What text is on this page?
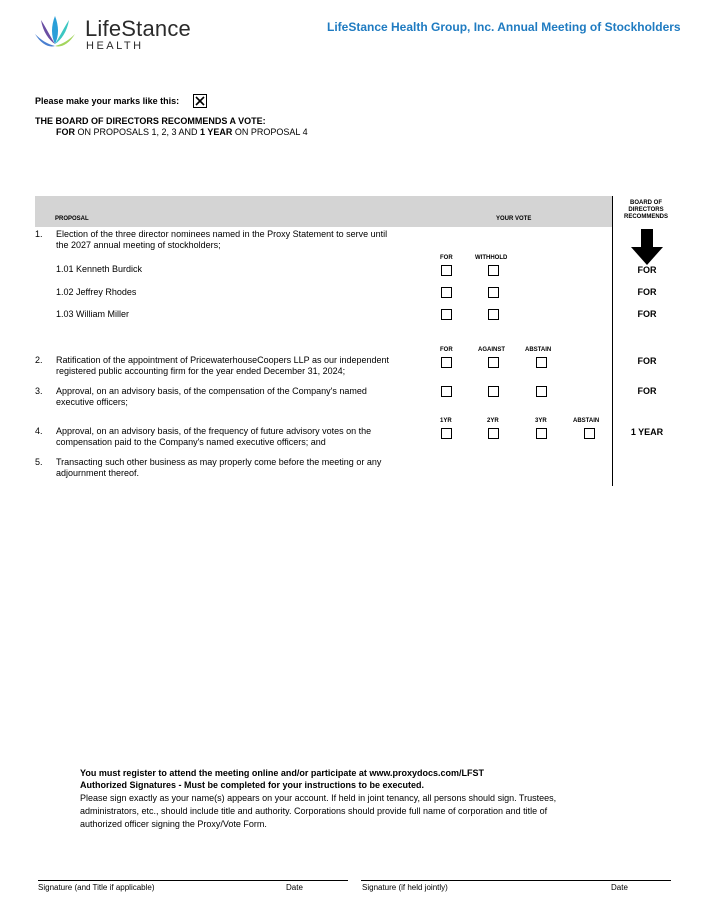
LifeStance
HEALTH
LifeStance Health Group, Inc. Annual Meeting of Stockholders
Please make your marks like this:
THE BOARD OF DIRECTORS RECOMMENDS A VOTE:
FOR ON PROPOSALS 1, 2, 3 AND 1 YEAR ON PROPOSAL 4
PROPOSAL	YOUR VOTE
BOARD OF DIRECTORS RECOMMENDS
1. Election of the three director nominees named in the Proxy Statement to serve until
the 2027 annual meeting of stockholders;
FOR	WITHHOLD
1.01 Kenneth Burdick	FOR
1.02 Jeffrey Rhodes	FOR
1.03 William Miller	FOR
FOR	AGAINST	ABSTAIN
2. Ratification of the appointment of PricewaterhouseCoopers LLP as our independent
registered public accounting firm for the year ended December 31, 2024;
FOR
3. Approval, on an advisory basis, of the compensation of the Company's named
executive officers;
FOR
1YR	2YR	3YR	ABSTAIN
4. Approval, on an advisory basis, of the frequency of future advisory votes on the
compensation paid to the Company's named executive officers; and
1 YEAR
5. Transacting such other business as may properly come before the meeting or any
adjournment thereof.
You must register to attend the meeting online and/or participate at www.proxydocs.com/LFST
Authorized Signatures - Must be completed for your instructions to be executed.
Please sign exactly as your name(s) appears on your account. If held in joint tenancy, all persons should sign. Trustees,
administrators, etc., should include title and authority. Corporations should provide full name of corporation and title of
authorized officer signing the Proxy/Vote Form.
Signature (and Title if applicable)	Date	Signature (if held jointly)	Date
